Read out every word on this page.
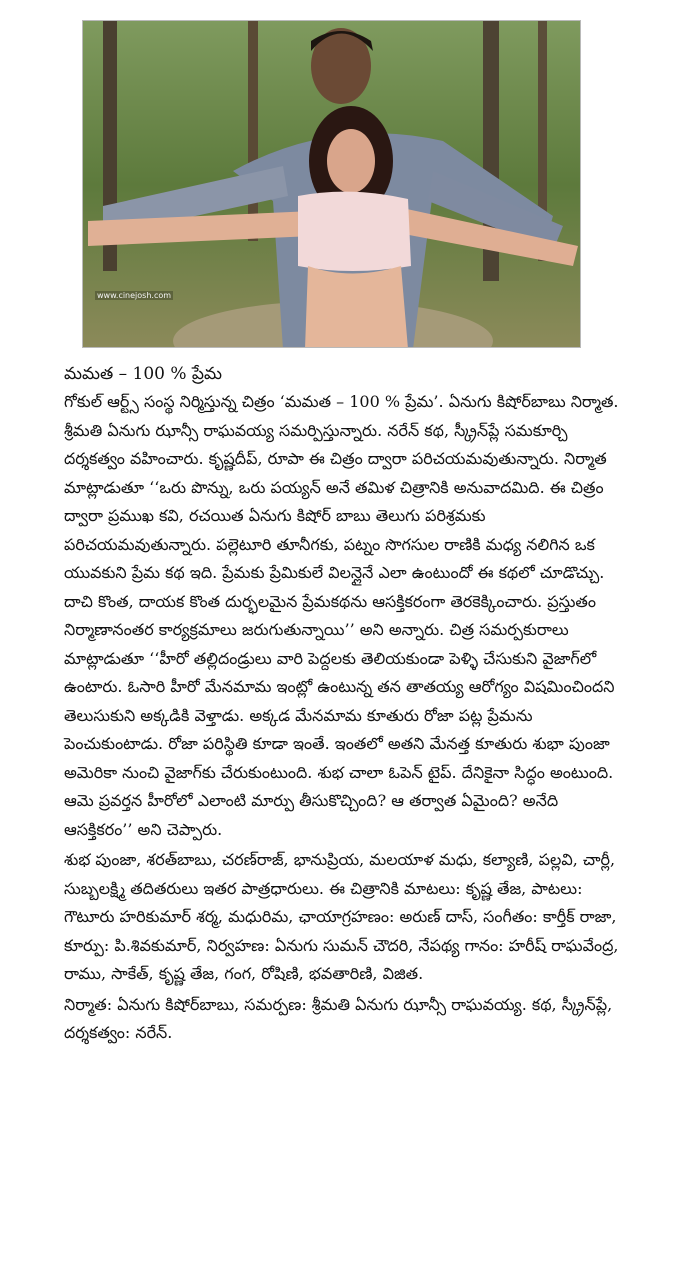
www.cinejosh.com

మమత – 100 % ప్రేమ

గోకుల్ ఆర్ట్స్ సంస్థ నిర్మిస్తున్న చిత్రం ‘మమత – 100 % ప్రేమ’. ఏనుగు కిషోర్‌బాబు నిర్మాత. శ్రీమతి ఏనుగు ఝాన్సీ రాఘవయ్య సమర్పిస్తున్నారు. నరేన్ కథ, స్క్రీన్‌ప్లే సమకూర్చి దర్శకత్వం వహించారు. కృష్ణదీప్, రూపా ఈ చిత్రం ద్వారా పరిచయమవుతున్నారు. నిర్మాత మాట్లాడుతూ ‘‘ఒరు పొన్ను, ఒరు పయ్యన్ అనే తమిళ చిత్రానికి అనువాదమిది. ఈ చిత్రం ద్వారా ప్రముఖ కవి, రచయిత ఏనుగు కిషోర్ బాబు తెలుగు పరిశ్రమకు పరిచయమవుతున్నారు. పల్లెటూరి తూనీగకు, పట్నం సొగసుల రాణికి మధ్య నలిగిన ఒక యువకుని ప్రేమ కథ ఇది. ప్రేమకు ప్రేమికులే విలన్లైనే ఎలా ఉంటుందో ఈ కథలో చూడొచ్చు. దాచి కొంత, దాయక కొంత దుర్భలమైన ప్రేమకథను ఆసక్తికరంగా తెరకెక్కించారు. ప్రస్తుతం నిర్మాణానంతర కార్యక్రమాలు జరుగుతున్నాయి’’ అని అన్నారు. చిత్ర సమర్పకురాలు మాట్లాడుతూ ‘‘హీరో తల్లిదండ్రులు వారి పెద్దలకు తెలియకుండా పెళ్ళి చేసుకుని వైజాగ్‌లో ఉంటారు. ఓసారి హీరో మేనమామ ఇంట్లో ఉంటున్న తన తాతయ్య ఆరోగ్యం విషమించిందని తెలుసుకుని అక్కడికి వెళ్తాడు. అక్కడ మేనమామ కూతురు రోజా పట్ల ప్రేమను పెంచుకుంటాడు. రోజా పరిస్థితి కూడా ఇంతే. ఇంతలో అతని మేనత్త కూతురు శుభా పుంజా అమెరికా నుంచి వైజాగ్‌కు చేరుకుంటుంది. శుభ చాలా ఓపెన్ టైప్. దేనికైనా సిద్ధం అంటుంది. ఆమె ప్రవర్తన హీరోలో ఎలాంటి మార్పు తీసుకొచ్చింది? ఆ తర్వాత ఏమైంది? అనేది ఆసక్తికరం’’ అని చెప్పారు.

శుభ పుంజా, శరత్‌బాబు, చరణ్‌రాజ్, భానుప్రియ, మలయాళ మధు, కల్యాణి, పల్లవి, చార్లీ, సుబ్బలక్ష్మి తదితరులు ఇతర పాత్రధారులు. ఈ చిత్రానికి మాటలు: కృష్ణ తేజ, పాటలు: గౌటూరు హరికుమార్ శర్మ, మధురిమ, ఛాయాగ్రహణం: అరుణ్ దాస్, సంగీతం: కార్తీక్ రాజా, కూర్పు: పి.శివకుమార్, నిర్వహణ: ఏనుగు సుమన్ చౌదరి, నేపథ్య గానం: హరీష్ రాఘవేంద్ర, రాము, సాకేత్, కృష్ణ తేజ, గంగ, రోషిణి, భవతారిణి, విజిత.

నిర్మాత: ఏనుగు కిషోర్‌బాబు, సమర్పణ: శ్రీమతి ఏనుగు ఝాన్సీ రాఘవయ్య. కథ, స్క్రీన్‌ప్లే, దర్శకత్వం: నరేన్.
